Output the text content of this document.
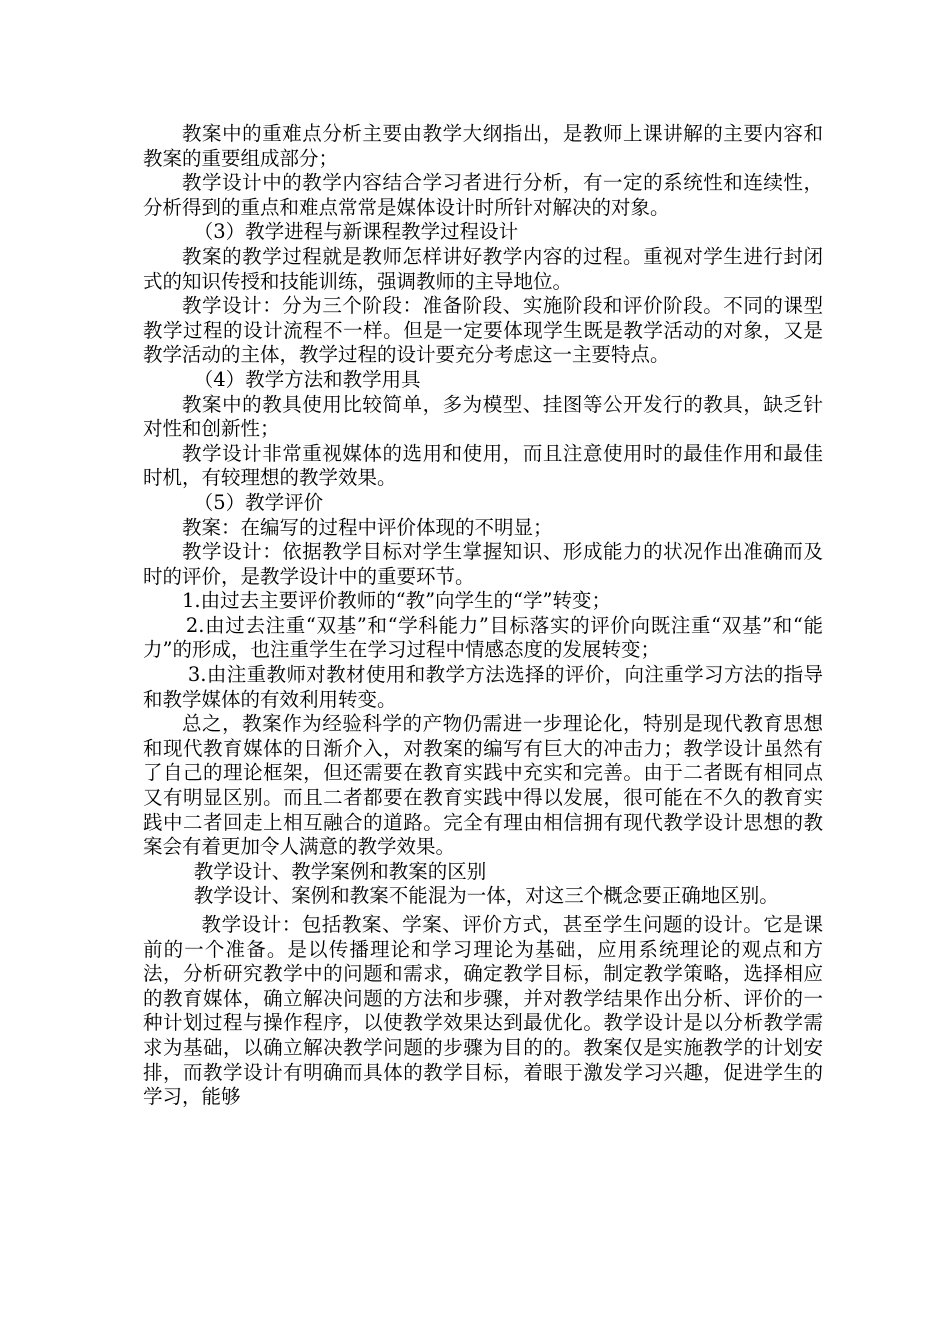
教案中的重难点分析主要由教学大纲指出，是教师上课讲解的主要内容和教案的重要组成部分；

教学设计中的教学内容结合学习者进行分析，有一定的系统性和连续性，分析得到的重点和难点常常是媒体设计时所针对解决的对象。

（3）教学进程与新课程教学过程设计

教案的教学过程就是教师怎样讲好教学内容的过程。重视对学生进行封闭式的知识传授和技能训练，强调教师的主导地位。

教学设计：分为三个阶段：准备阶段、实施阶段和评价阶段。不同的课型教学过程的设计流程不一样。但是一定要体现学生既是教学活动的对象，又是教学活动的主体，教学过程的设计要充分考虑这一主要特点。

（4）教学方法和教学用具

教案中的教具使用比较简单，多为模型、挂图等公开发行的教具，缺乏针对性和创新性；

教学设计非常重视媒体的选用和使用，而且注意使用时的最佳作用和最佳时机，有较理想的教学效果。

（5）教学评价

教案：在编写的过程中评价体现的不明显；

教学设计：依据教学目标对学生掌握知识、形成能力的状况作出准确而及时的评价，是教学设计中的重要环节。

1.由过去主要评价教师的“教”向学生的“学”转变；

2.由过去注重“双基”和“学科能力”目标落实的评价向既注重“双基”和“能力”的形成，也注重学生在学习过程中情感态度的发展转变；

3.由注重教师对教材使用和教学方法选择的评价，向注重学习方法的指导和教学媒体的有效利用转变。

总之，教案作为经验科学的产物仍需进一步理论化，特别是现代教育思想和现代教育媒体的日渐介入，对教案的编写有巨大的冲击力；教学设计虽然有了自己的理论框架，但还需要在教育实践中充实和完善。由于二者既有相同点又有明显区别。而且二者都要在教育实践中得以发展，很可能在不久的教育实践中二者回走上相互融合的道路。完全有理由相信拥有现代教学设计思想的教案会有着更加令人满意的教学效果。

教学设计、教学案例和教案的区别

教学设计、案例和教案不能混为一体，对这三个概念要正确地区别。

教学设计：包括教案、学案、评价方式，甚至学生问题的设计。它是课前的一个准备。是以传播理论和学习理论为基础，应用系统理论的观点和方法，分析研究教学中的问题和需求，确定教学目标，制定教学策略，选择相应的教育媒体，确立解决问题的方法和步骤，并对教学结果作出分析、评价的一种计划过程与操作程序，以使教学效果达到最优化。教学设计是以分析教学需求为基础，以确立解决教学问题的步骤为目的的。教案仅是实施教学的计划安排，而教学设计有明确而具体的教学目标，着眼于激发学习兴趣，促进学生的学习，能够
